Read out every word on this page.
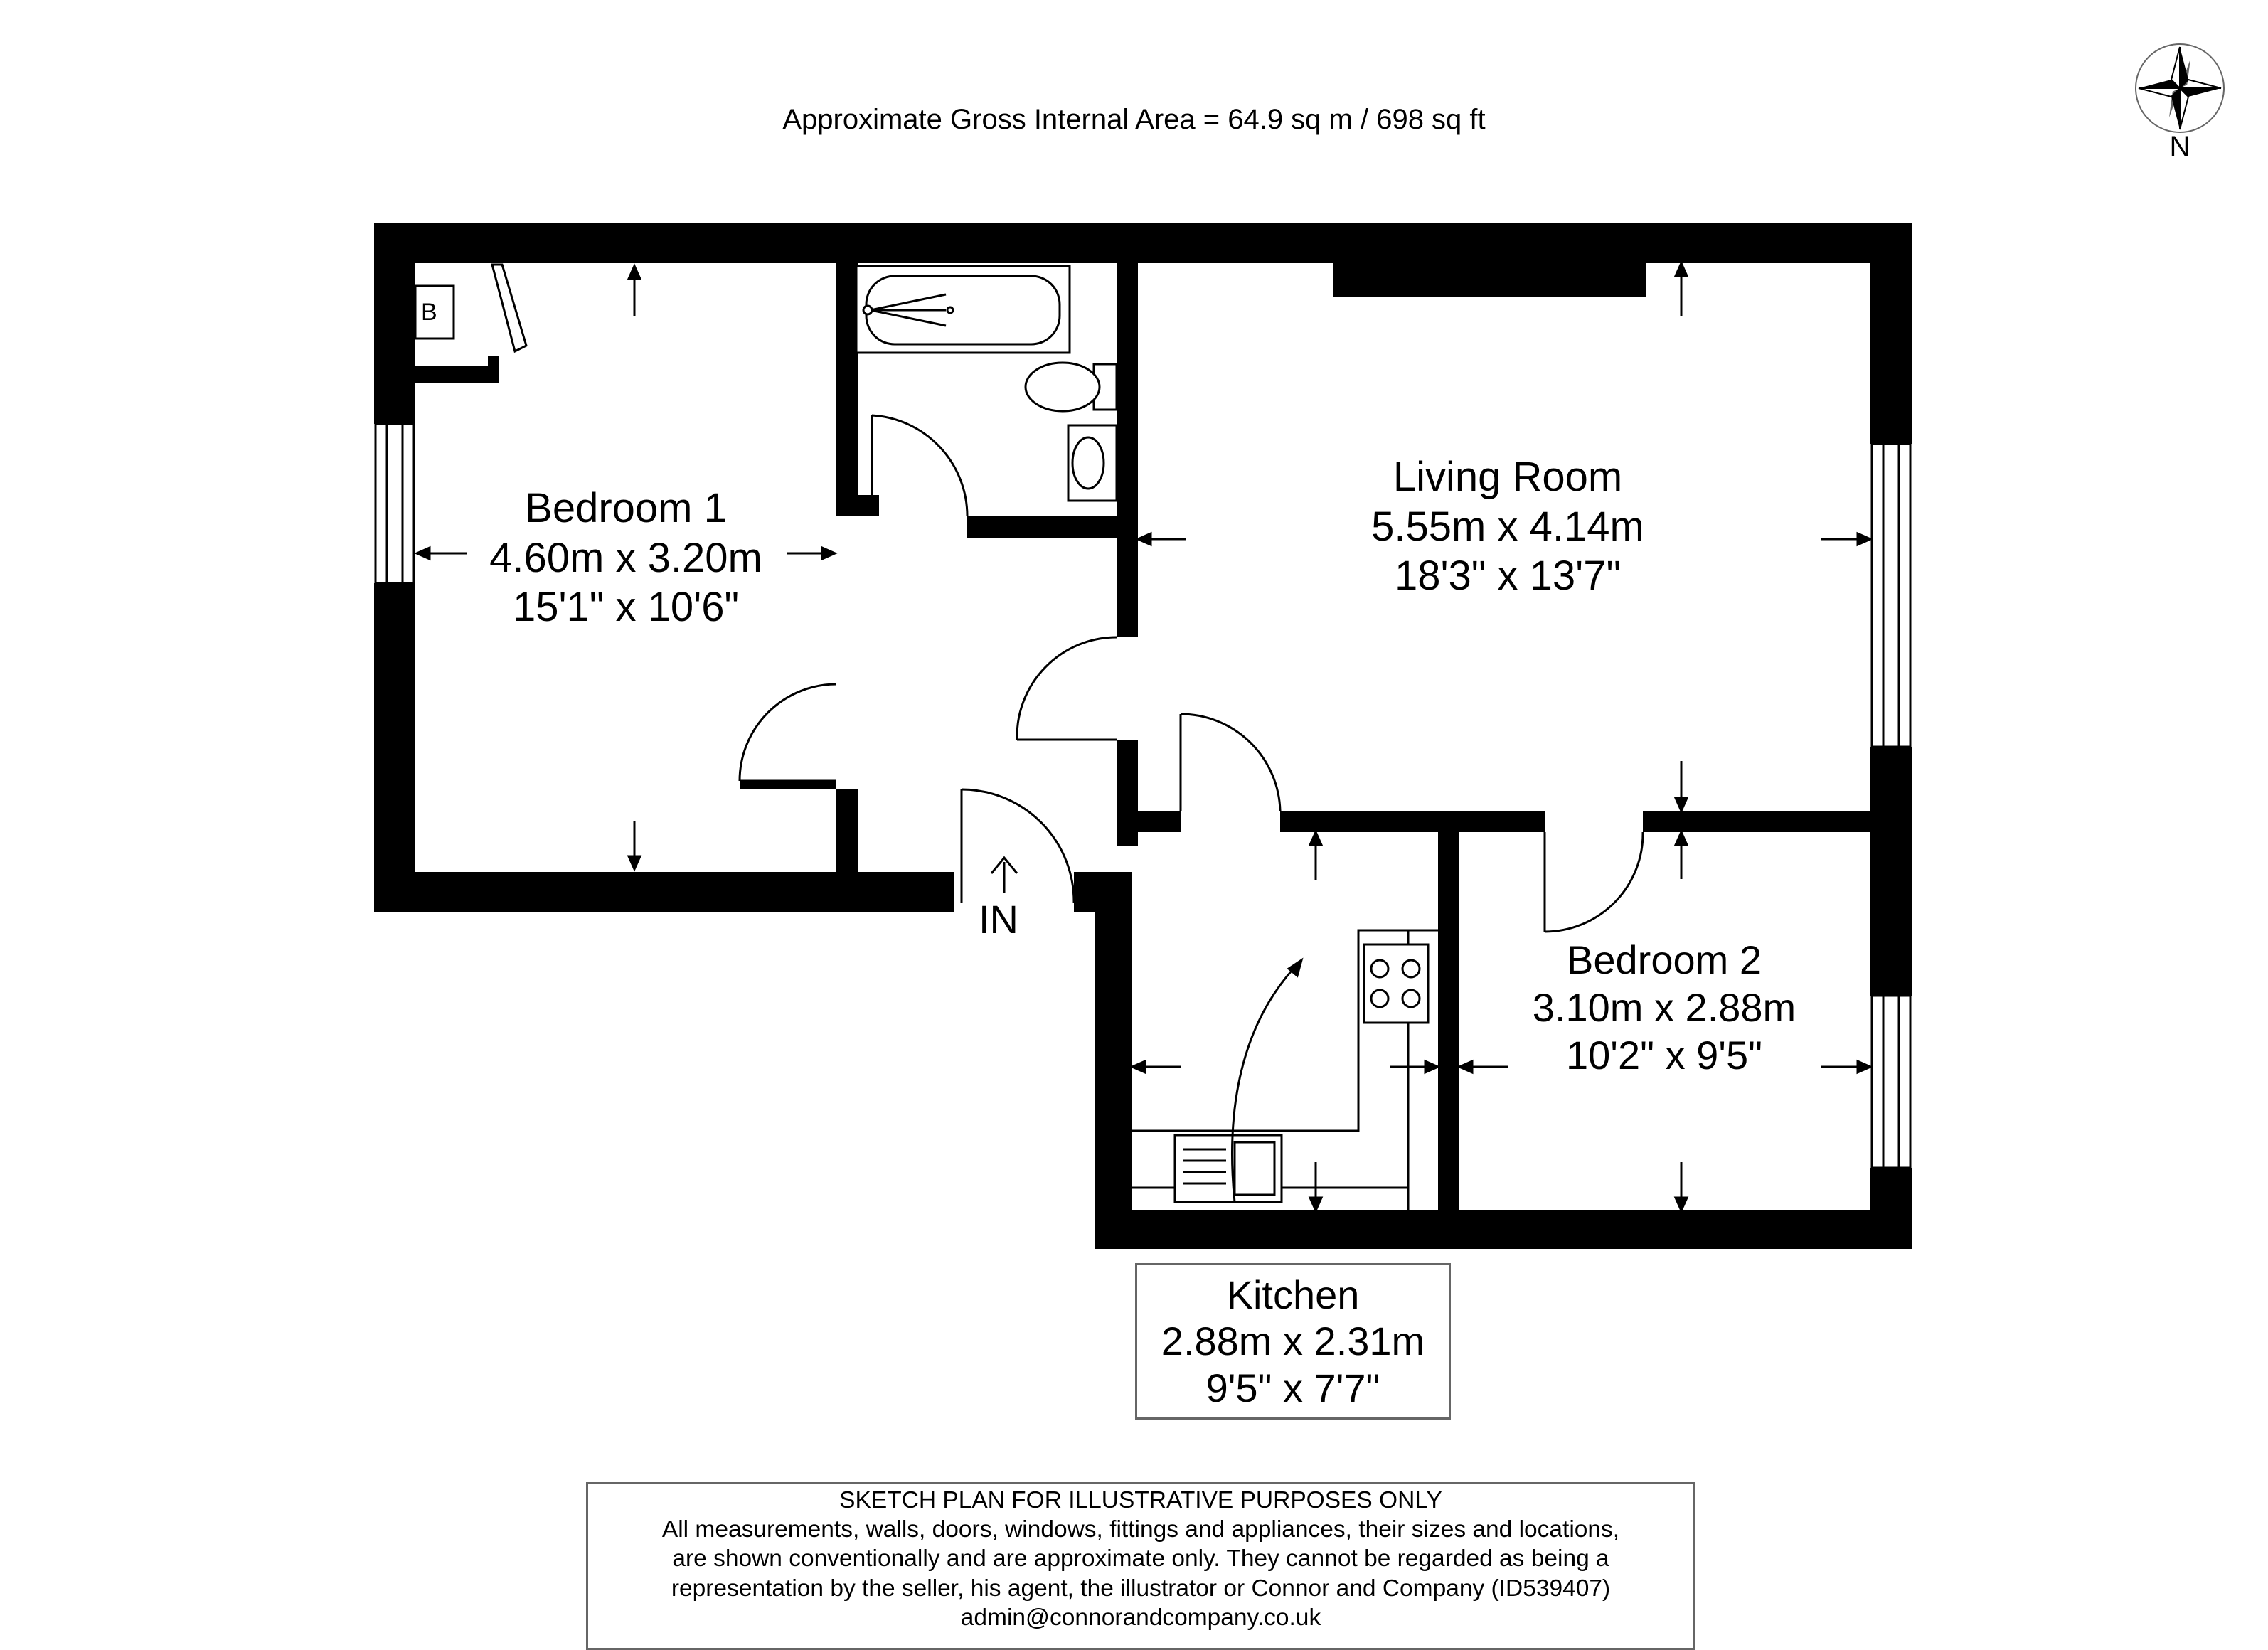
Approximate Gross Internal Area = 64.9 sq m / 698 sq ft
N
B
Bedroom 1
4.60m x 3.20m
15'1" x 10'6"
Living Room
5.55m x 4.14m
18'3" x 13'7"
Bedroom 2
3.10m x 2.88m
10'2" x 9'5"
IN
Kitchen
2.88m x 2.31m
9'5" x 7'7"
SKETCH PLAN FOR ILLUSTRATIVE PURPOSES ONLY
All measurements, walls, doors, windows, fittings and appliances, their sizes and locations,
are shown conventionally and are approximate only. They cannot be regarded as being a
representation by the seller, his agent, the illustrator or Connor and Company (ID539407)
admin@connorandcompany.co.uk
